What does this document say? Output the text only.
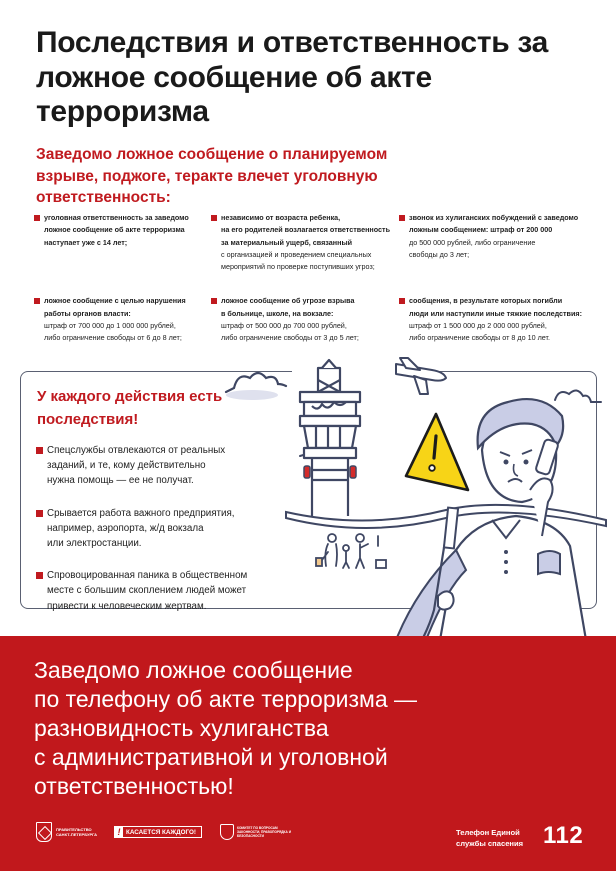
Последствия и ответственность за ложное сообщение об акте терроризма
Заведомо ложное сообщение о планируемом взрыве, поджоге, теракте влечет уголовную ответственность:
уголовная ответственность за заведомо
ложное сообщение об акте терроризма
наступает уже с 14 лет;
независимо от возраста ребенка,
на его родителей возлагается ответственность
за материальный ущерб, связанный
с организацией и проведением специальных
мероприятий по проверке поступивших угроз;
звонок из хулиганских побуждений с заведомо
ложным сообщением: штраф от 200 000
до 500 000 рублей, либо ограничение
свободы до 3 лет;
ложное сообщение с целью нарушения
работы органов власти:
штраф от 700 000 до 1 000 000 рублей,
либо ограничение свободы от 6 до 8 лет;
ложное сообщение об угрозе взрыва
в больнице, школе, на вокзале:
штраф от 500 000 до 700 000 рублей,
либо ограничение свободы от 3 до 5 лет;
сообщения, в результате которых погибли
люди или наступили иные тяжкие последствия:
штраф от 1 500 000 до 2 000 000 рублей,
либо ограничение свободы от 8 до 10 лет.
У каждого действия есть последствия!
Спецслужбы отвлекаются от реальных
заданий, и те, кому действительно
нужна помощь — ее не получат.
Срывается работа важного предприятия,
например, аэропорта, ж/д вокзала
или электростанции.
Спровоцированная паника в общественном
месте с большим скоплением людей может
привести к человеческим жертвам.
Заведомо ложное сообщение
по телефону об акте терроризма —
разновидность хулиганства
с административной и уголовной
ответственностью!
ПРАВИТЕЛЬСТВО
САНКТ-ПЕТЕРБУРГА ! КАСАЕТСЯ КАЖДОГО!
КОМИТЕТ ПО ВОПРОСАМ ЗАКОННОСТИ, ПРАВОПОРЯДКА И БЕЗОПАСНОСТИ	Телефон Единой
службы спасения 112
